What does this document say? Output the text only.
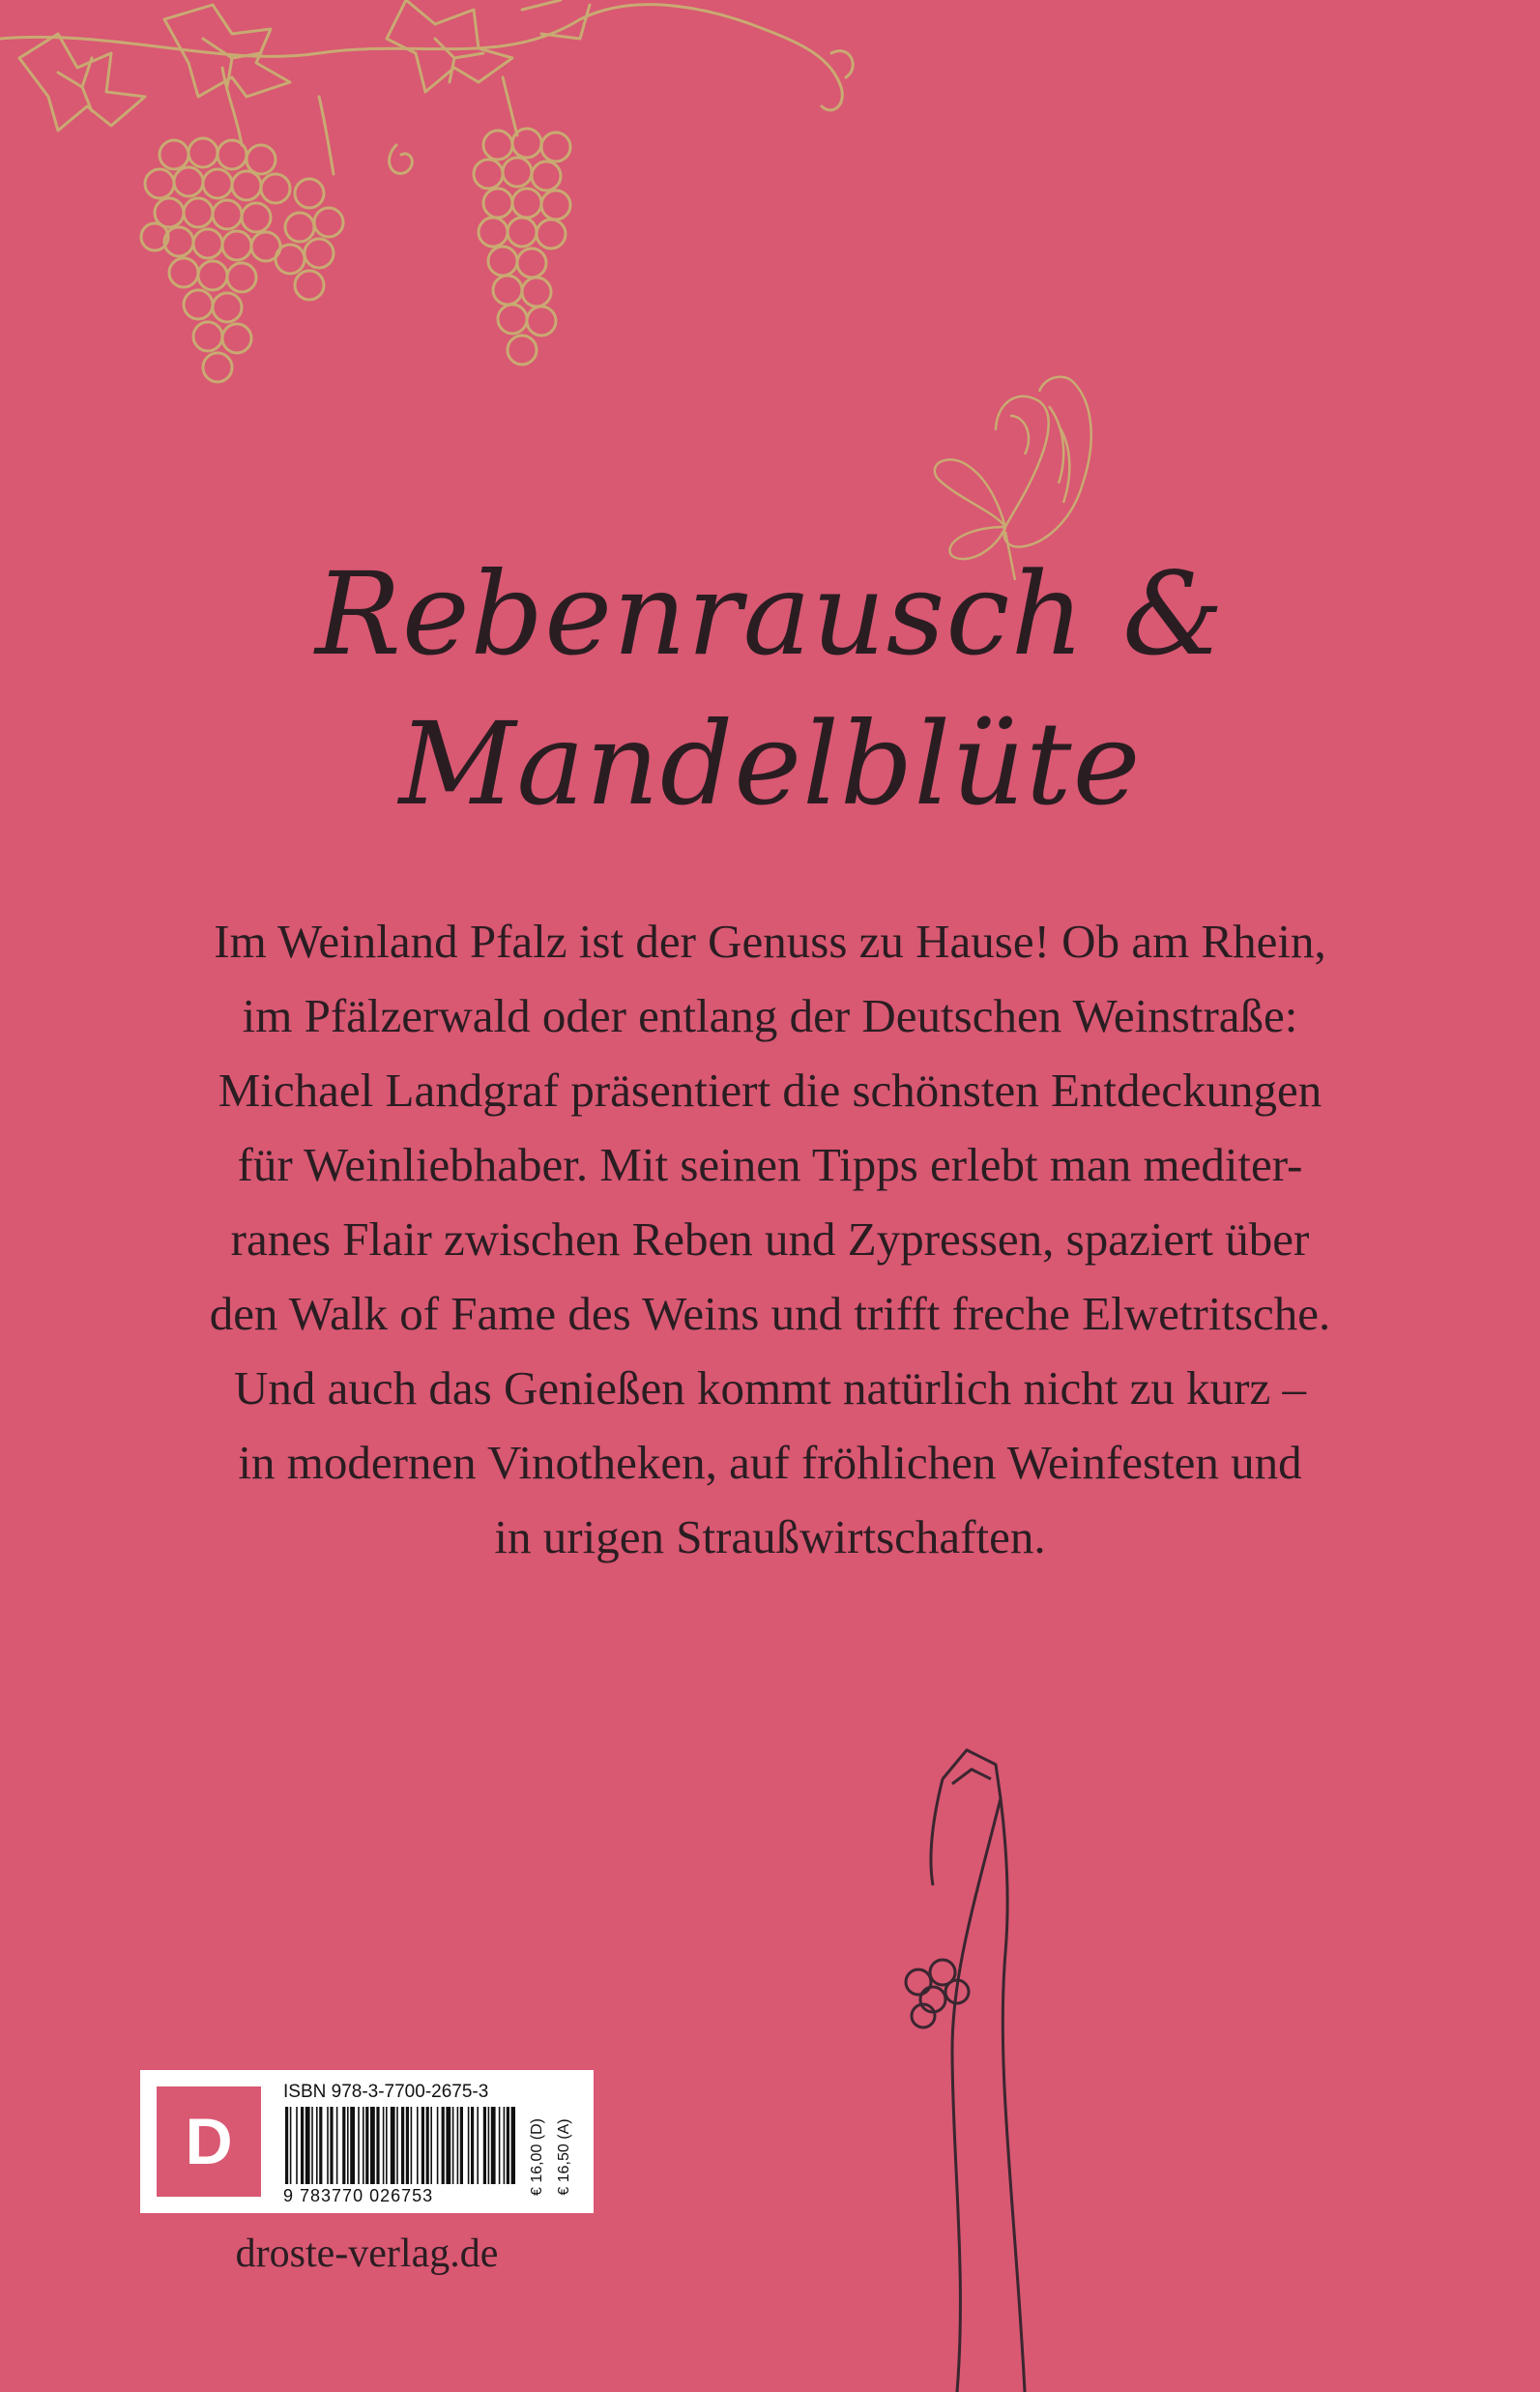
Rebenrausch &
Mandelblüte
Im Weinland Pfalz ist der Genuss zu Hause! Ob am Rhein,
im Pfälzerwald oder entlang der Deutschen Weinstraße:
Michael Landgraf präsentiert die schönsten Entdeckungen
für Weinliebhaber. Mit seinen Tipps erlebt man mediter-
ranes Flair zwischen Reben und Zypressen, spaziert über
den Walk of Fame des Weins und trifft freche Elwetritsche.
Und auch das Genießen kommt natürlich nicht zu kurz –
in modernen Vinotheken, auf fröhlichen Weinfesten und
in urigen Straußwirtschaften.
D
ISBN 978-3-7700-2675-3
9 783770 026753	€ 16,00 (D) € 16,50 (A)
droste-verlag.de
